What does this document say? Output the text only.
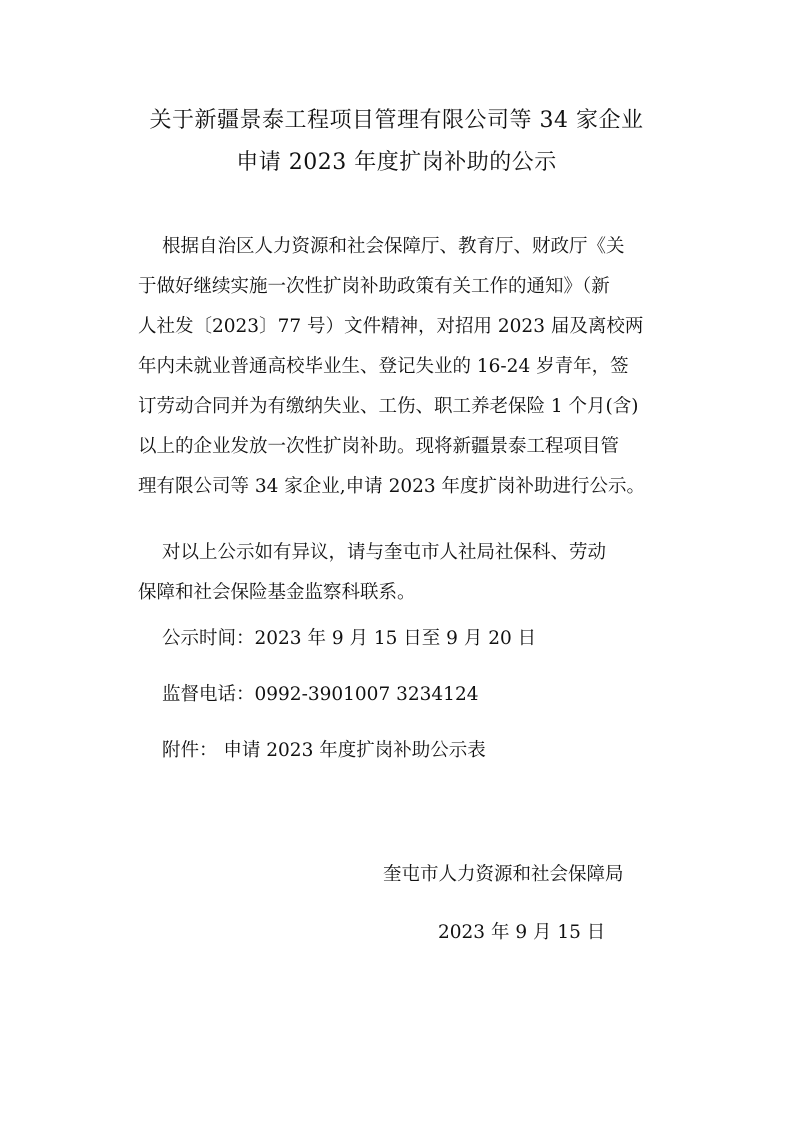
关于新疆景泰工程项目管理有限公司等 34 家企业
申请 2023 年度扩岗补助的公示
根据自治区人力资源和社会保障厅、教育厅、财政厅《关
于做好继续实施一次性扩岗补助政策有关工作的通知》（新
人社发〔2023〕77 号）文件精神，对招用 2023 届及离校两
年内未就业普通高校毕业生、登记失业的 16-24 岁青年，签
订劳动合同并为有缴纳失业、工伤、职工养老保险 1 个月(含)
以上的企业发放一次性扩岗补助。现将新疆景泰工程项目管
理有限公司等 34 家企业,申请 2023 年度扩岗补助进行公示。
对以上公示如有异议，请与奎屯市人社局社保科、劳动
保障和社会保险基金监察科联系。
公示时间：2023 年 9 月 15 日至 9 月 20 日
监督电话：0992-3901007 3234124
附件： 申请 2023 年度扩岗补助公示表
奎屯市人力资源和社会保障局
2023 年 9 月 15 日
